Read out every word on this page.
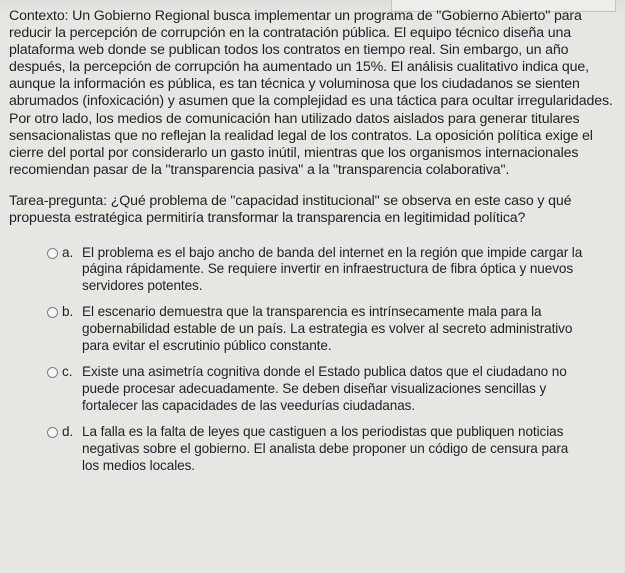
Contexto: Un Gobierno Regional busca implementar un programa de "Gobierno Abierto" para reducir la percepción de corrupción en la contratación pública. El equipo técnico diseña una plataforma web donde se publican todos los contratos en tiempo real. Sin embargo, un año después, la percepción de corrupción ha aumentado un 15%. El análisis cualitativo indica que, aunque la información es pública, es tan técnica y voluminosa que los ciudadanos se sienten abrumados (infoxicación) y asumen que la complejidad es una táctica para ocultar irregularidades. Por otro lado, los medios de comunicación han utilizado datos aislados para generar titulares sensacionalistas que no reflejan la realidad legal de los contratos. La oposición política exige el cierre del portal por considerarlo un gasto inútil, mientras que los organismos internacionales recomiendan pasar de la "transparencia pasiva" a la "transparencia colaborativa".

Tarea-pregunta: ¿Qué problema de "capacidad institucional" se observa en este caso y qué propuesta estratégica permitiría transformar la transparencia en legitimidad política?

a. El problema es el bajo ancho de banda del internet en la región que impide cargar la página rápidamente. Se requiere invertir en infraestructura de fibra óptica y nuevos servidores potentes.
b. El escenario demuestra que la transparencia es intrínsecamente mala para la gobernabilidad estable de un país. La estrategia es volver al secreto administrativo para evitar el escrutinio público constante.
c. Existe una asimetría cognitiva donde el Estado publica datos que el ciudadano no puede procesar adecuadamente. Se deben diseñar visualizaciones sencillas y fortalecer las capacidades de las veedurías ciudadanas.
d. La falla es la falta de leyes que castiguen a los periodistas que publiquen noticias negativas sobre el gobierno. El analista debe proponer un código de censura para los medios locales.
